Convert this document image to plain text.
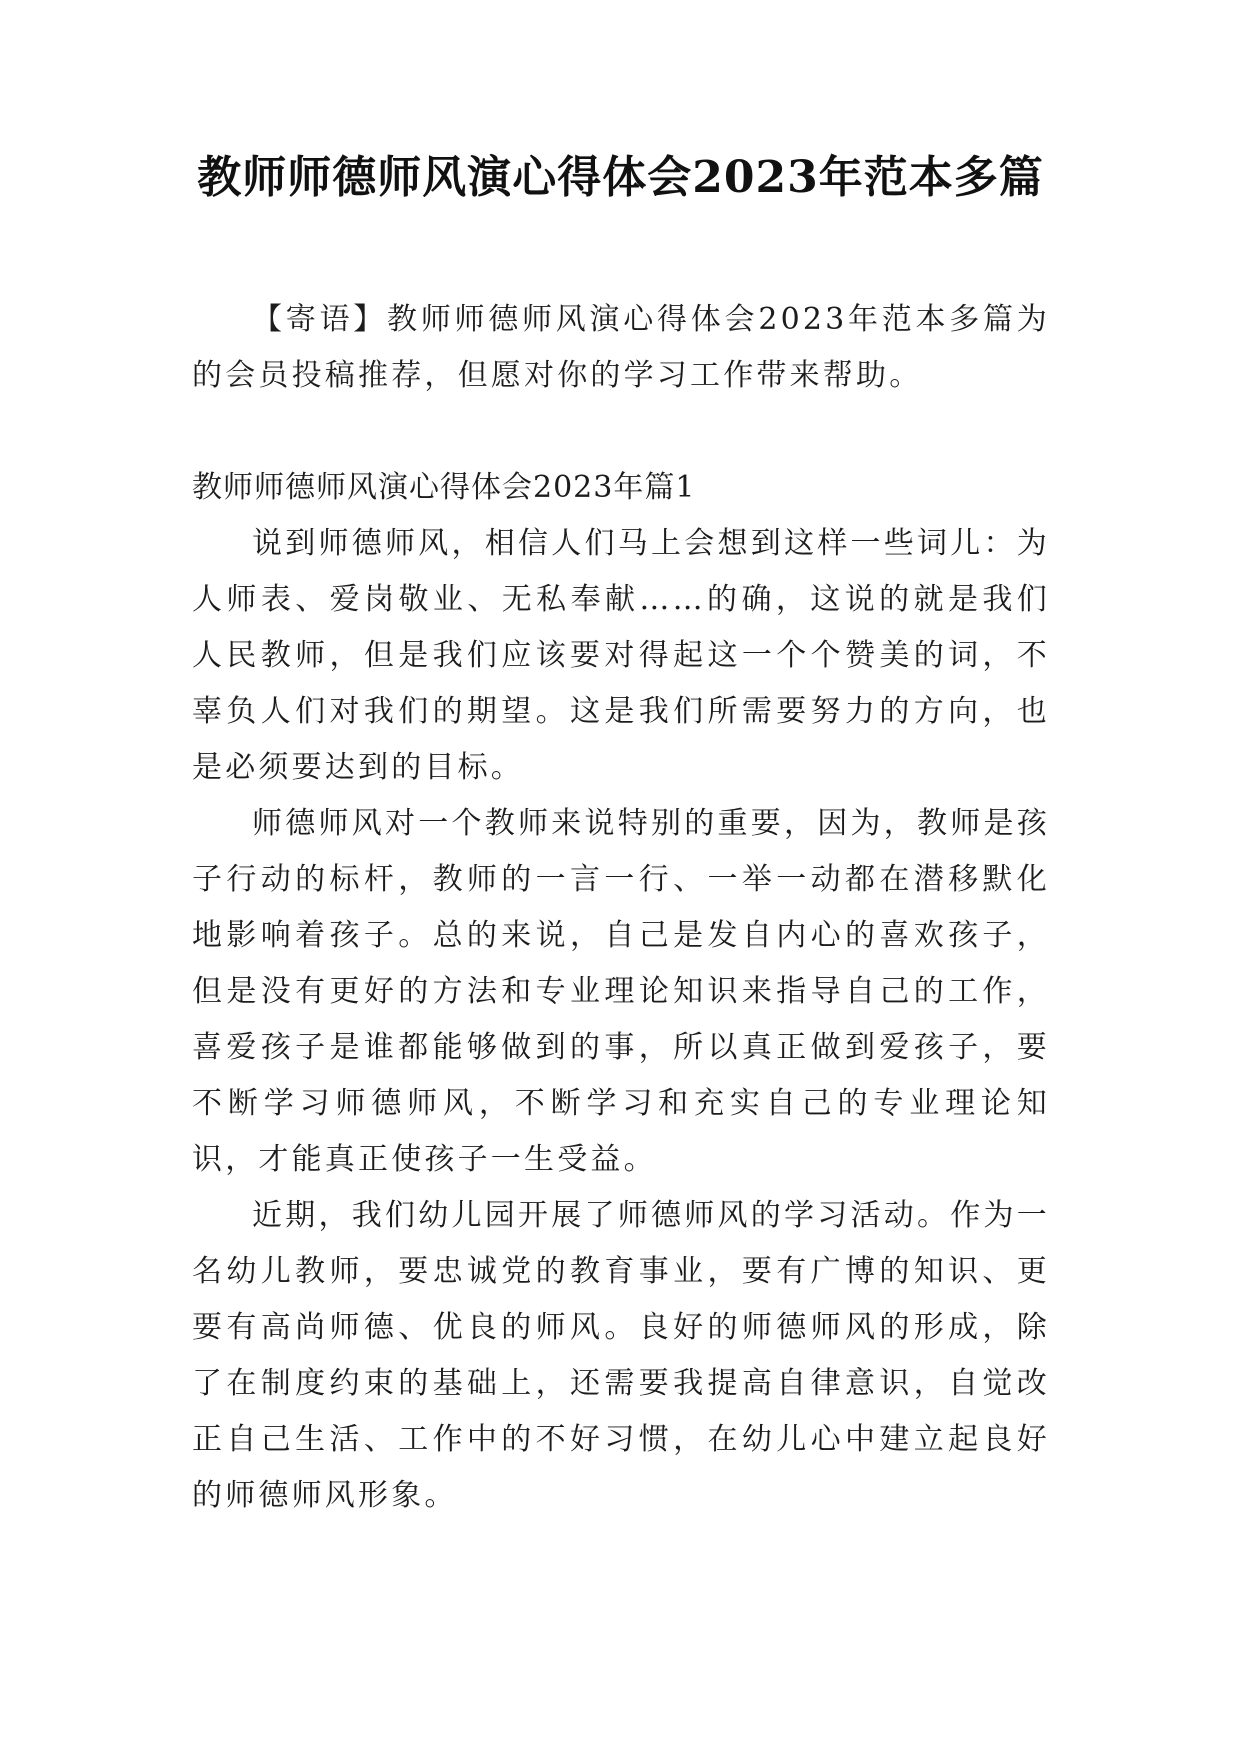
教师师德师风演心得体会2023年范本多篇

【寄语】教师师德师风演心得体会2023年范本多篇为的会员投稿推荐，但愿对你的学习工作带来帮助。

教师师德师风演心得体会2023年篇1

说到师德师风，相信人们马上会想到这样一些词儿：为人师表、爱岗敬业、无私奉献……的确，这说的就是我们人民教师，但是我们应该要对得起这一个个赞美的词，不辜负人们对我们的期望。这是我们所需要努力的方向，也是必须要达到的目标。

师德师风对一个教师来说特别的重要，因为，教师是孩子行动的标杆，教师的一言一行、一举一动都在潜移默化地影响着孩子。总的来说，自己是发自内心的喜欢孩子，但是没有更好的方法和专业理论知识来指导自己的工作，喜爱孩子是谁都能够做到的事，所以真正做到爱孩子，要不断学习师德师风，不断学习和充实自己的专业理论知识，才能真正使孩子一生受益。

近期，我们幼儿园开展了师德师风的学习活动。作为一名幼儿教师，要忠诚党的教育事业，要有广博的知识、更要有高尚师德、优良的师风。良好的师德师风的形成，除了在制度约束的基础上，还需要我提高自律意识，自觉改正自己生活、工作中的不好习惯，在幼儿心中建立起良好的师德师风形象。
